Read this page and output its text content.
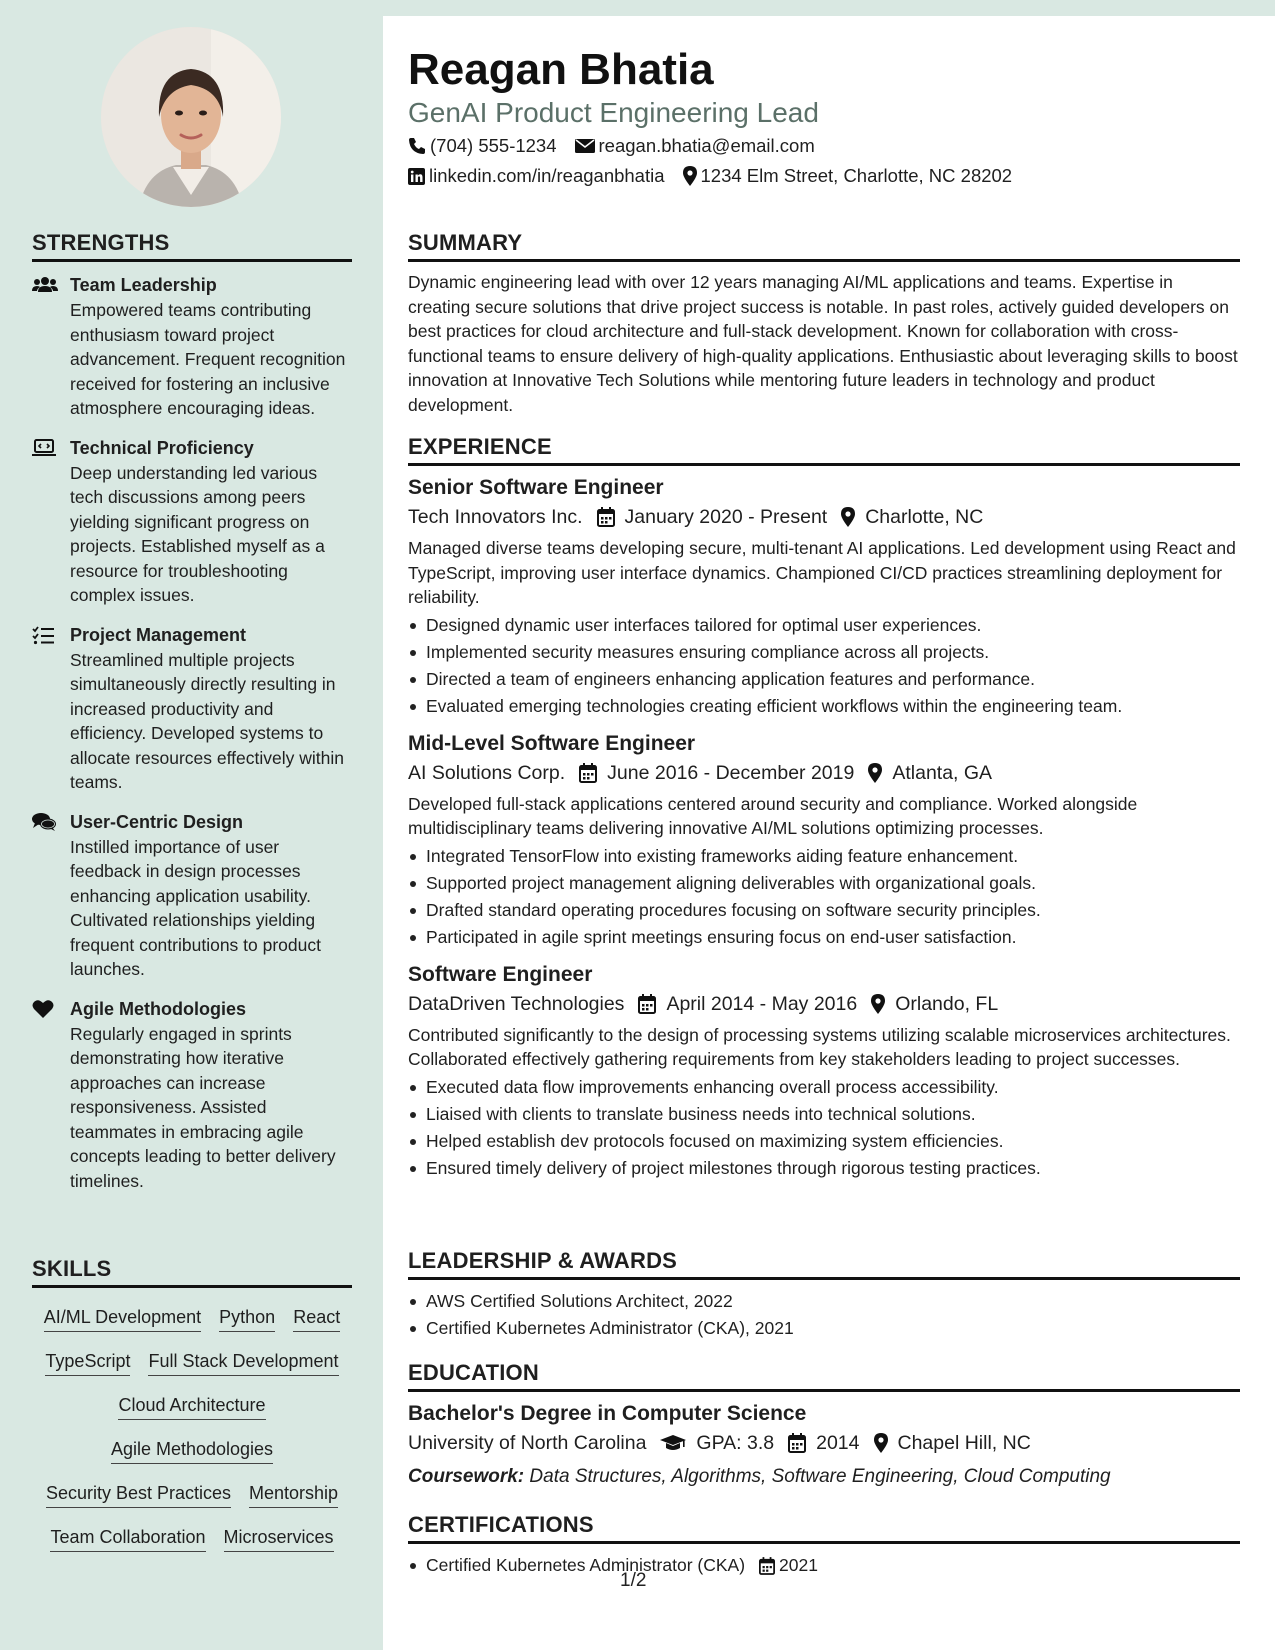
STRENGTHS
Team Leadership
Empowered teams contributing enthusiasm toward project advancement. Frequent recognition received for fostering an inclusive atmosphere encouraging ideas.
Technical Proficiency
Deep understanding led various tech discussions among peers yielding significant progress on projects. Established myself as a resource for troubleshooting complex issues.
Project Management
Streamlined multiple projects simultaneously directly resulting in increased productivity and efficiency. Developed systems to allocate resources effectively within teams.
User-Centric Design
Instilled importance of user feedback in design processes enhancing application usability. Cultivated relationships yielding frequent contributions to product launches.
Agile Methodologies
Regularly engaged in sprints demonstrating how iterative approaches can increase responsiveness. Assisted teammates in embracing agile concepts leading to better delivery timelines.
SKILLS
AI/ML Development Python React
TypeScript Full Stack Development
Cloud Architecture
Agile Methodologies
Security Best Practices Mentorship
Team Collaboration Microservices
Reagan Bhatia
GenAI Product Engineering Lead
(704) 555-1234 reagan.bhatia@email.com
linkedin.com/in/reaganbhatia 1234 Elm Street, Charlotte, NC 28202
SUMMARY
Dynamic engineering lead with over 12 years managing AI/ML applications and teams. Expertise in creating secure solutions that drive project success is notable. In past roles, actively guided developers on best practices for cloud architecture and full-stack development. Known for collaboration with cross-functional teams to ensure delivery of high-quality applications. Enthusiastic about leveraging skills to boost innovation at Innovative Tech Solutions while mentoring future leaders in technology and product development.
EXPERIENCE
Senior Software Engineer
Tech Innovators Inc. January 2020 - Present Charlotte, NC
Managed diverse teams developing secure, multi-tenant AI applications. Led development using React and TypeScript, improving user interface dynamics. Championed CI/CD practices streamlining deployment for reliability.
Designed dynamic user interfaces tailored for optimal user experiences.
Implemented security measures ensuring compliance across all projects.
Directed a team of engineers enhancing application features and performance.
Evaluated emerging technologies creating efficient workflows within the engineering team.
Mid-Level Software Engineer
AI Solutions Corp. June 2016 - December 2019 Atlanta, GA
Developed full-stack applications centered around security and compliance. Worked alongside multidisciplinary teams delivering innovative AI/ML solutions optimizing processes.
Integrated TensorFlow into existing frameworks aiding feature enhancement.
Supported project management aligning deliverables with organizational goals.
Drafted standard operating procedures focusing on software security principles.
Participated in agile sprint meetings ensuring focus on end-user satisfaction.
Software Engineer
DataDriven Technologies April 2014 - May 2016 Orlando, FL
Contributed significantly to the design of processing systems utilizing scalable microservices architectures. Collaborated effectively gathering requirements from key stakeholders leading to project successes.
Executed data flow improvements enhancing overall process accessibility.
Liaised with clients to translate business needs into technical solutions.
Helped establish dev protocols focused on maximizing system efficiencies.
Ensured timely delivery of project milestones through rigorous testing practices.
LEADERSHIP & AWARDS
AWS Certified Solutions Architect, 2022
Certified Kubernetes Administrator (CKA), 2021
EDUCATION
Bachelor's Degree in Computer Science
University of North Carolina	GPA: 3.8 2014 Chapel Hill, NC
Coursework: Data Structures, Algorithms, Software Engineering, Cloud Computing
CERTIFICATIONS
Certified Kubernetes Administrator (CKA) 2021
1/2
